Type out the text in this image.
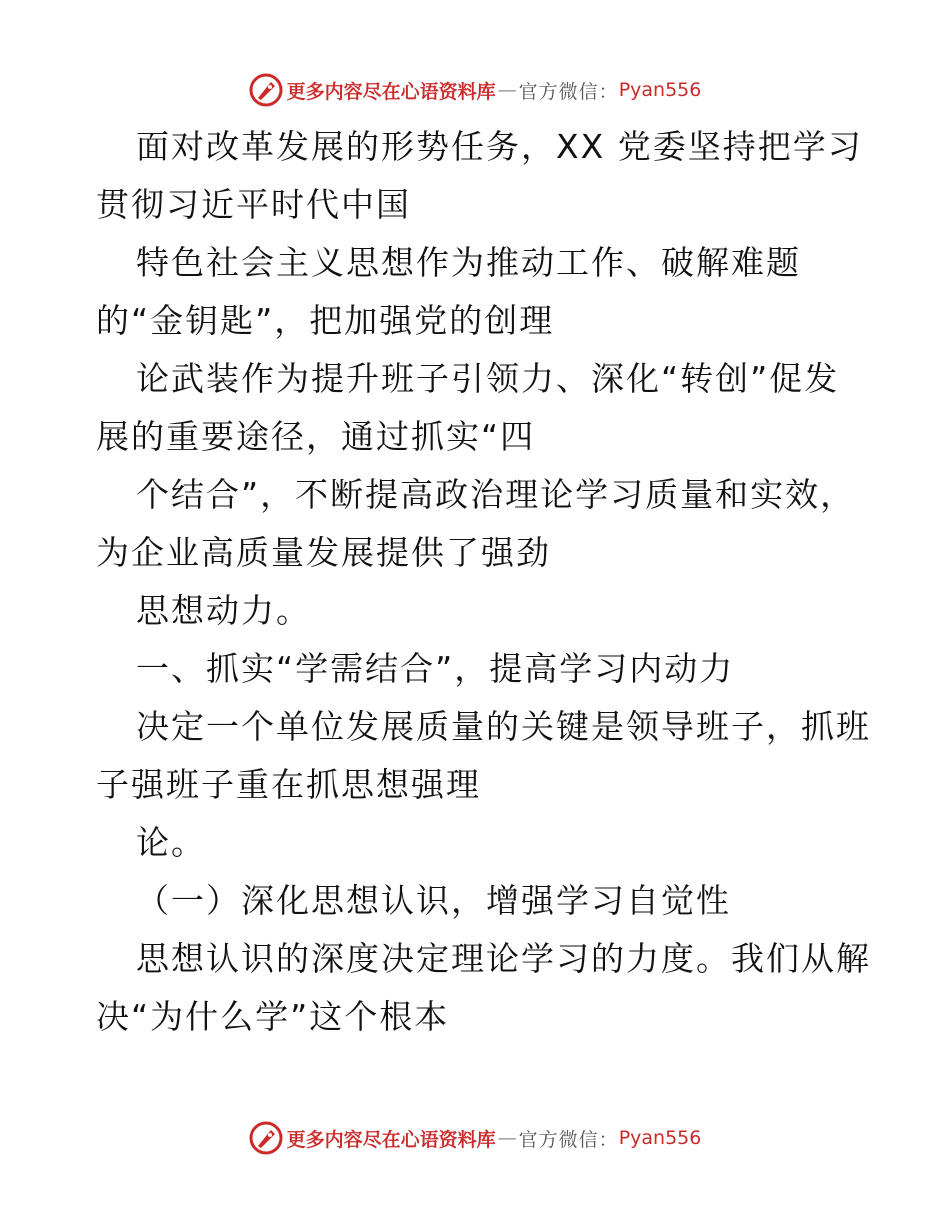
更多内容尽在心语资料库 — 官方微信： Pyan556
面对改革发展的形势任务，XX 党委坚持把学习
贯彻习近平时代中国
特色社会主义思想作为推动工作、破解难题
的“金钥匙”，把加强党的创理
论武装作为提升班子引领力、深化“转创”促发
展的重要途径，通过抓实“四
个结合”，不断提高政治理论学习质量和实效，
为企业高质量发展提供了强劲
思想动力。
一、抓实“学需结合”，提高学习内动力
决定一个单位发展质量的关键是领导班子，抓班
子强班子重在抓思想强理
论。
（一）深化思想认识，增强学习自觉性
思想认识的深度决定理论学习的力度。我们从解
决“为什么学”这个根本
更多内容尽在心语资料库 — 官方微信： Pyan556
